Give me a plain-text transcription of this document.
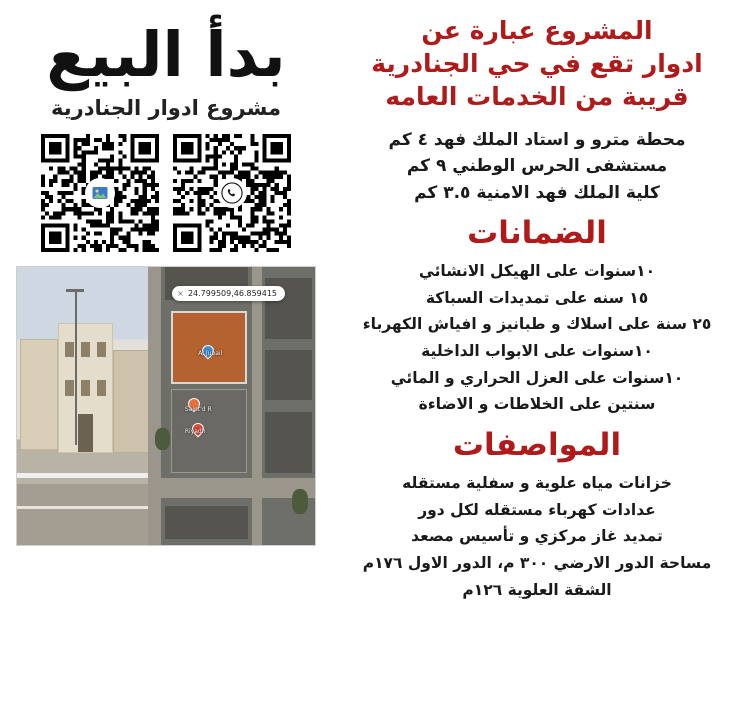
المشروع عبارة عن
ادوار تقع في حي الجنادرية
قريبة من الخدمات العامه
محطة مترو و استاد الملك فهد ٤ كم
مستشفى الحرس الوطني ٩ كم
كلية الملك فهد الامنية ٣.٥ كم
الضمانات
١٠سنوات على الهيكل الانشائي
١٥ سنه على تمديدات السباكة
٢٥ سنة على اسلاك و طبانيز و افياش الكهرباء
١٠سنوات على الابواب الداخلية
١٠سنوات على العزل الحراري و المائي
سنتين على الخلاطات و الاضاءة
المواصفات
خزانات مياه علوية و سفلية مستقله
عدادات كهرباء مستقله لكل دور
تمديد غاز مركزي و تأسيس مصعد
مساحة الدور الارضي ٣٠٠ م، الدور الاول ١٧٦م
الشقة العلوية ١٢٦م
بدأ البيع
مشروع ادوار الجنادرية
Al Jubail
Saint'd R
Riyadh
× 24.799509,46.859415
